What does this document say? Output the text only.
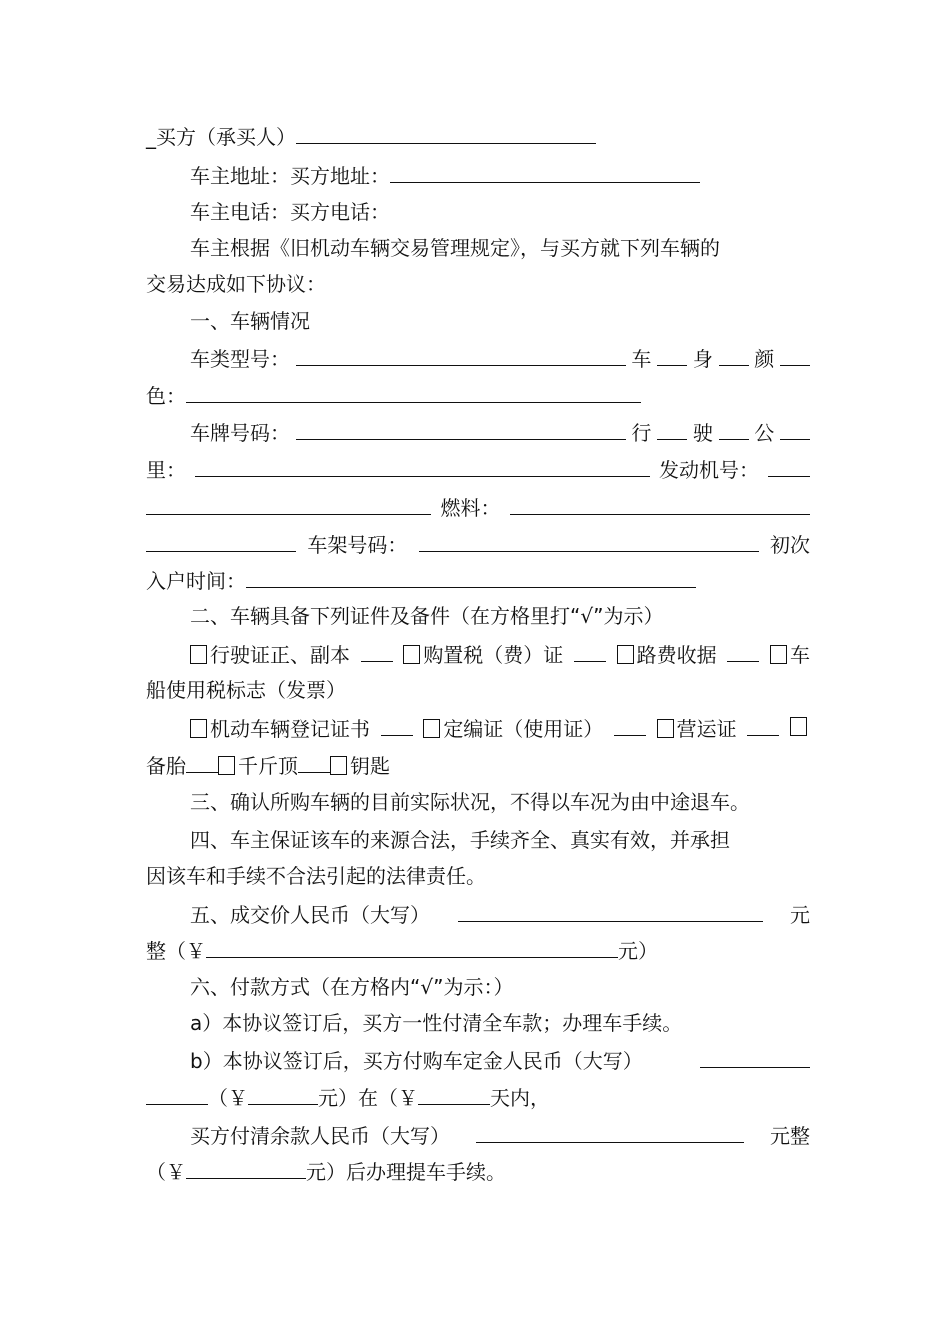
_买方（承买人）
车主地址：买方地址：
车主电话：买方电话：
车主根据《旧机动车辆交易管理规定》，与买方就下列车辆的
交易达成如下协议：
一、车辆情况
车类型号：	车 身 颜
色：
车牌号码：	行 驶 公
里：	发动机号：
燃料：
车架号码：	初次
入户时间：
二、车辆具备下列证件及备件（在方格里打“√”为示）
行驶证正、副本	购置税（费）证	路费收据	车
船使用税标志（发票）
机动车辆登记证书	定编证（使用证）	营运证
备胎	千斤顶	钥匙
三、确认所购车辆的目前实际状况，不得以车况为由中途退车。
四、车主保证该车的来源合法，手续齐全、真实有效，并承担
因该车和手续不合法引起的法律责任。
五、成交价人民币（大写）	元
整（￥	元）
六、付款方式（在方格内“√”为示：）
a）本协议签订后，买方一性付清全车款；办理车手续。
b）本协议签订后，买方付购车定金人民币（大写）
（￥	元）在（￥	天内，
买方付清余款人民币（大写）	元整
（￥	元）后办理提车手续。
